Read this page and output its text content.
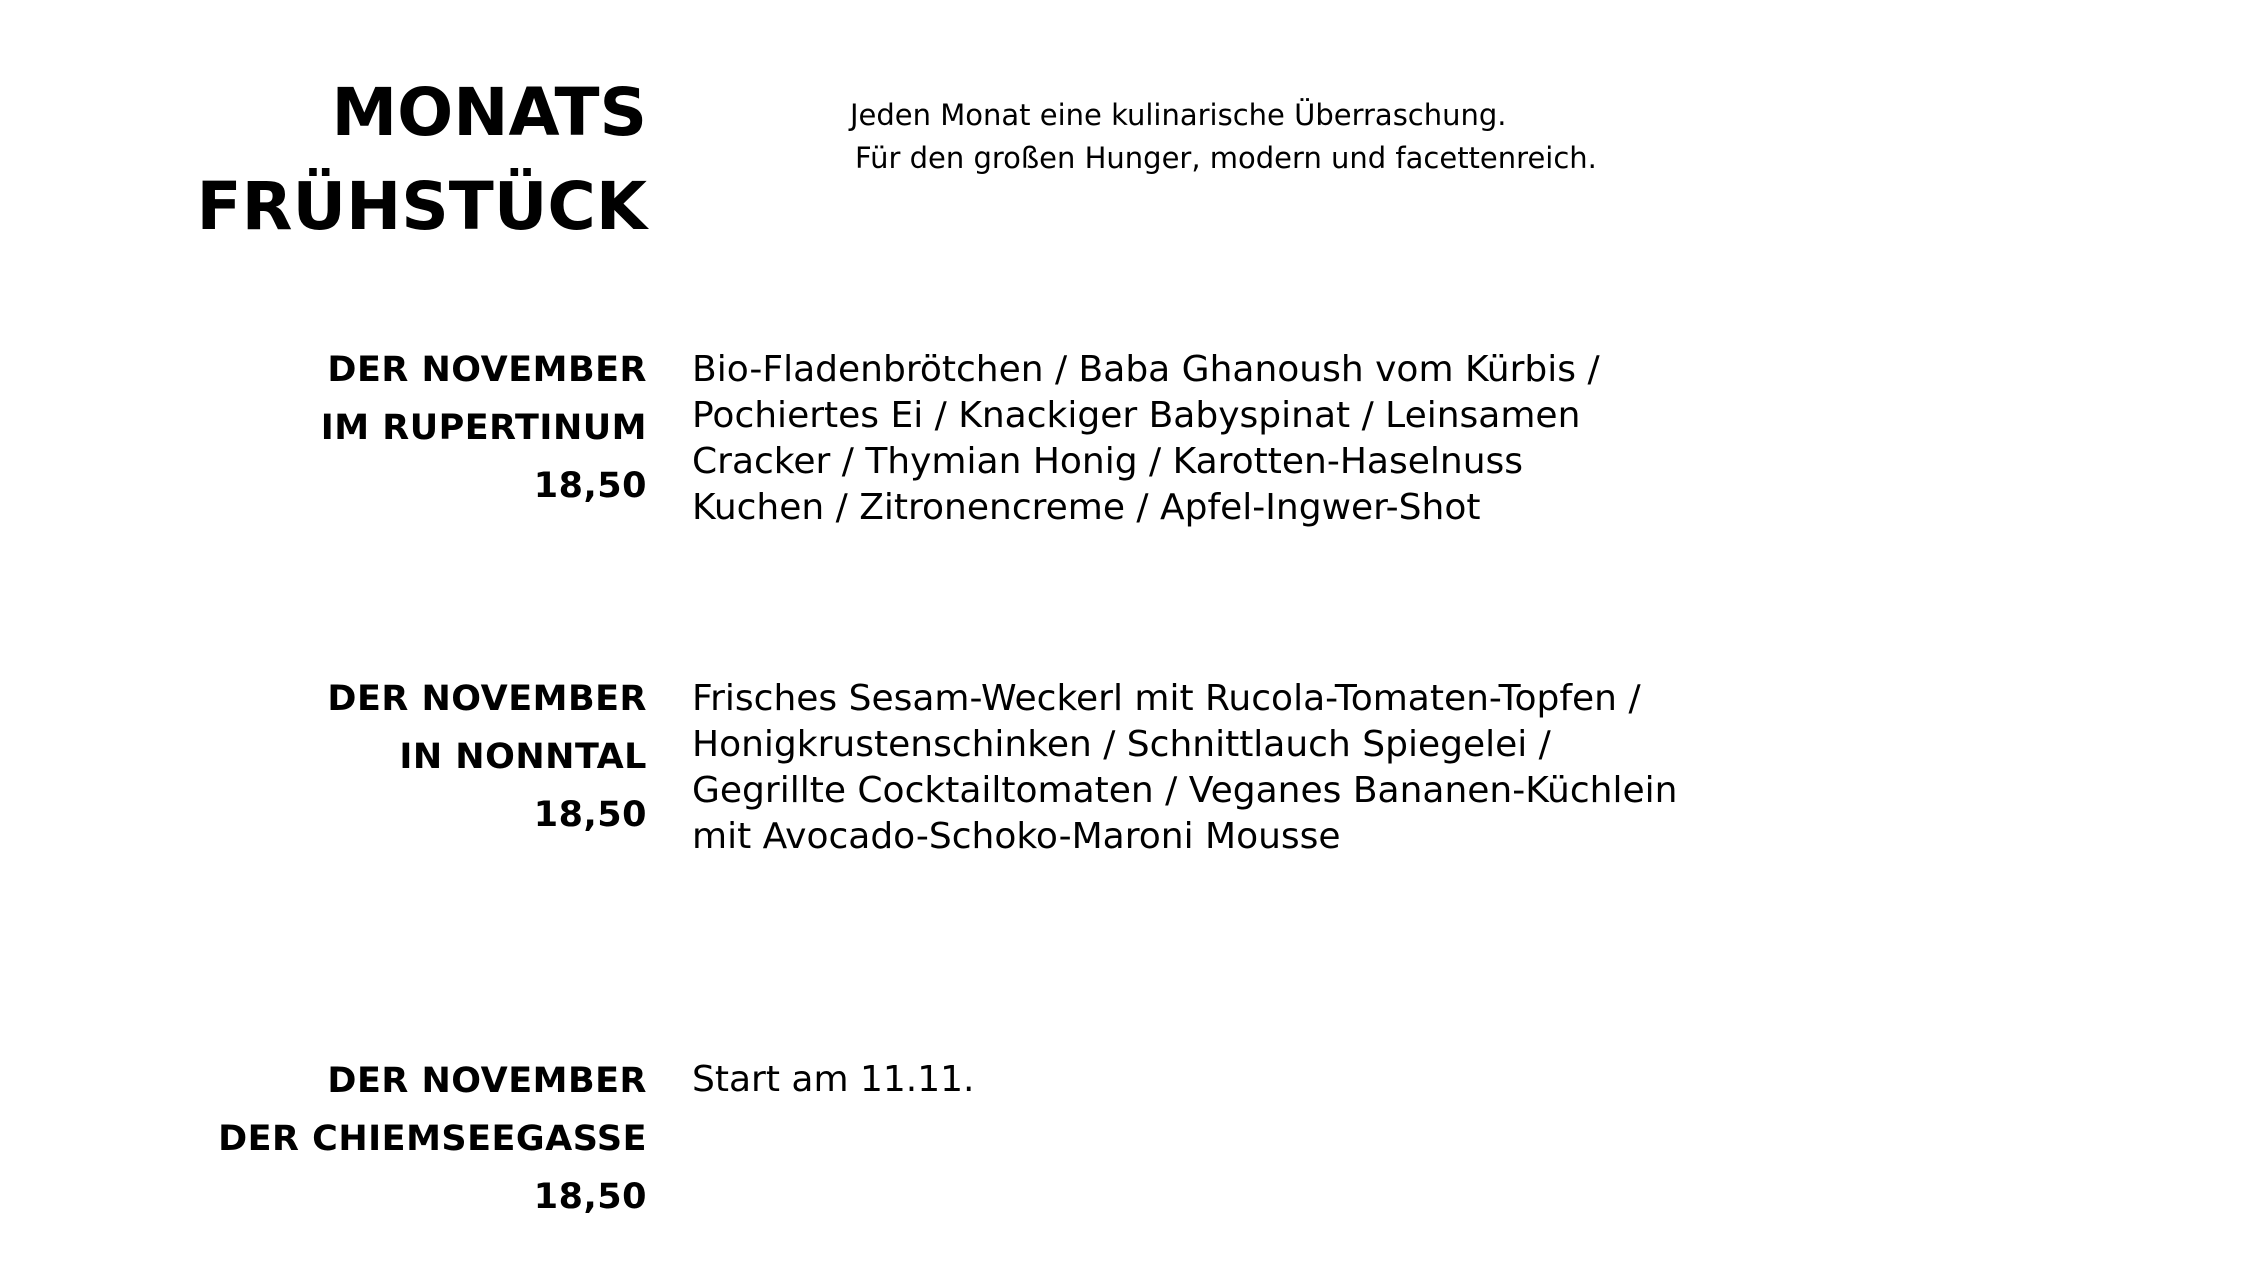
MONATS
FRÜHSTÜCK
Jeden Monat eine kulinarische Überraschung.
Für den großen Hunger, modern und facettenreich.
DER NOVEMBER
IM RUPERTINUM
18,50
Bio-Fladenbrötchen / Baba Ghanoush vom Kürbis /
Pochiertes Ei / Knackiger Babyspinat / Leinsamen
Cracker / Thymian Honig / Karotten-Haselnuss
Kuchen / Zitronencreme / Apfel-Ingwer-Shot
DER NOVEMBER
IN NONNTAL
18,50
Frisches Sesam-Weckerl mit Rucola-Tomaten-Topfen /
Honigkrustenschinken / Schnittlauch Spiegelei /
Gegrillte Cocktailtomaten / Veganes Bananen-Küchlein
mit Avocado-Schoko-Maroni Mousse
DER NOVEMBER
DER CHIEMSEEGASSE
18,50
Start am 11.11.
